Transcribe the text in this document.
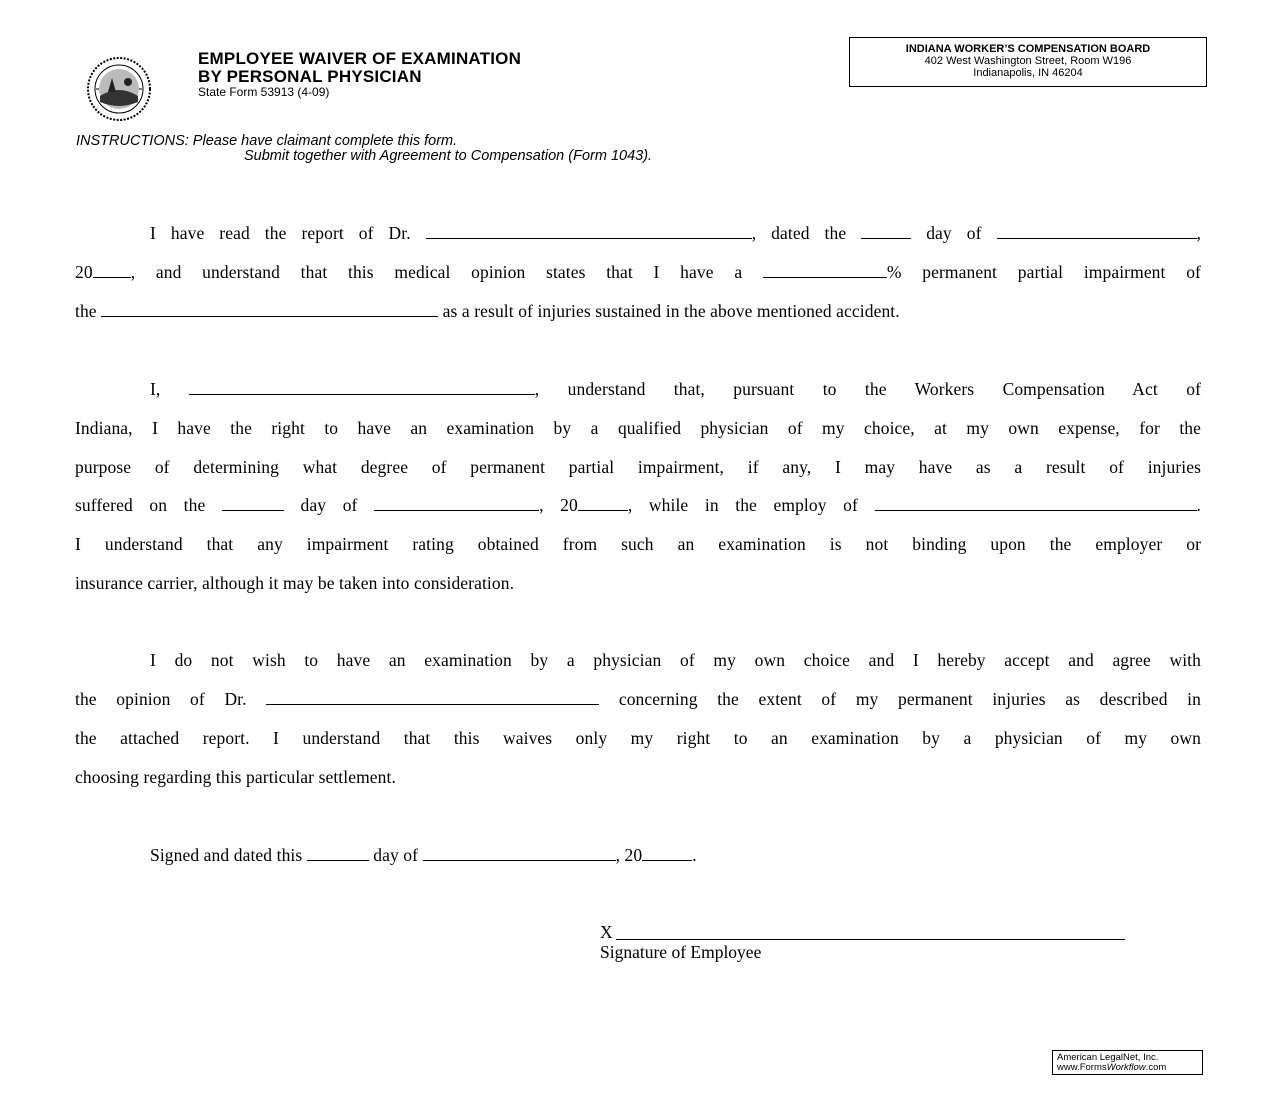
EMPLOYEE WAIVER OF EXAMINATION
BY PERSONAL PHYSICIAN
State Form 53913 (4-09)
INDIANA WORKER’S COMPENSATION BOARD
402 West Washington Street, Room W196
Indianapolis, IN 46204
INSTRUCTIONS: Please have claimant complete this form.
Submit together with Agreement to Compensation (Form 1043).
I have read the report of Dr.	, dated the	day of	,
20 , and understand that this medical opinion states that I have a	% permanent partial impairment of
the	as a result of injuries sustained in the above mentioned accident.
I,	, understand that, pursuant to the Workers Compensation Act of
Indiana, I have the right to have an examination by a qualified physician of my choice, at my own expense, for the
purpose of determining what degree of permanent partial impairment, if any, I may have as a result of injuries
suffered on the	day of	, 20	, while in the employ of	.
I understand that any impairment rating obtained from such an examination is not binding upon the employer or
insurance carrier, although it may be taken into consideration.
I do not wish to have an examination by a physician of my own choice and I hereby accept and agree with
the opinion of Dr.	concerning the extent of my permanent injuries as described in
the attached report. I understand that this waives only my right to an examination by a physician of my own
choosing regarding this particular settlement.
Signed and dated this	day of	, 20	.
X
Signature of Employee
American LegalNet, Inc.
www.FormsWorkflow.com
